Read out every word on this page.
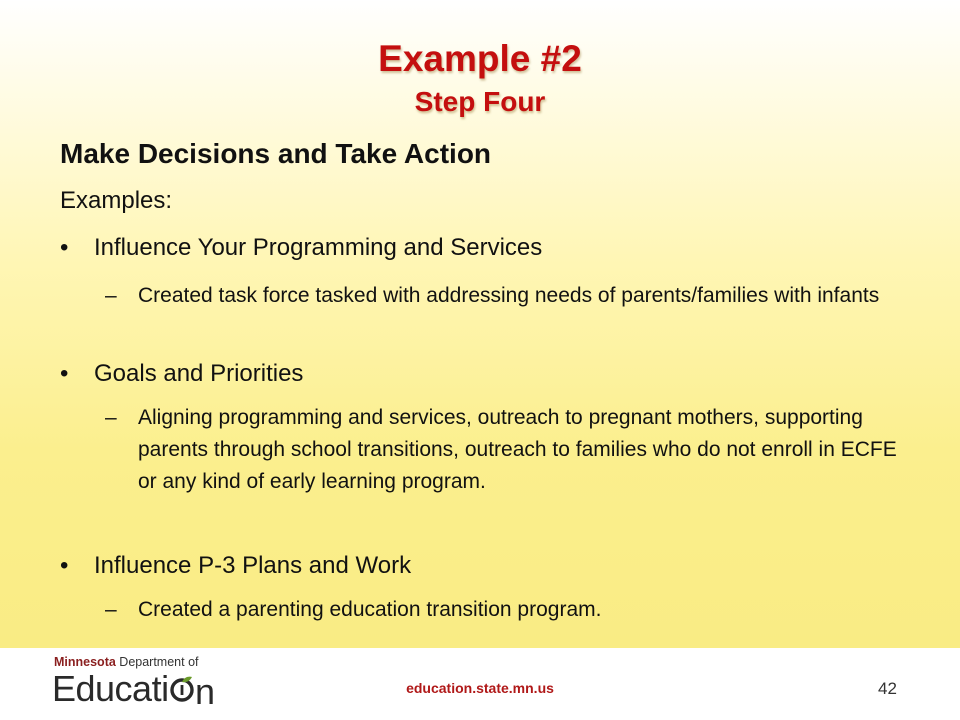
Example #2
Step Four
Make Decisions and Take Action
Examples:
• Influence Your Programming and Services
– Created task force tasked with addressing needs of parents/families with infants
• Goals and Priorities
– Aligning programming and services, outreach to pregnant mothers, supporting parents through school transitions, outreach to families who do not enroll in ECFE or any kind of early learning program.
• Influence P-3 Plans and Work
– Created a parenting education transition program.
Minnesota Department of
Educati n	education.state.mn.us	42
